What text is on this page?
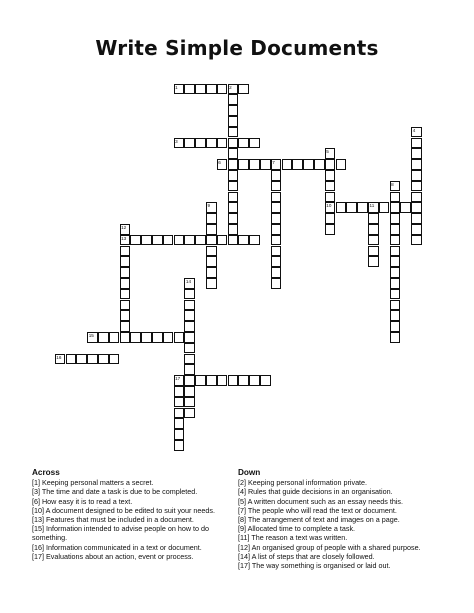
Write Simple Documents
1	2
3
6	7
10	11
13
15
16
17
4
5
8
9
12
14
Across
[1] Keeping personal matters a secret.
[3] The time and date a task is due to be completed.
[6] How easy it is to read a text.
[10] A document designed to be edited to suit your needs.
[13] Features that must be included in a document.
[15] Information intended to advise people on how to do something.
[16] Information communicated in a text or document.
[17] Evaluations about an action, event or process.
Down
[2] Keeping personal information private.
[4] Rules that guide decisions in an organisation.
[5] A written document such as an essay needs this.
[7] The people who will read the text or document.
[8] The arrangement of text and images on a page.
[9] Allocated time to complete a task.
[11] The reason a text was written.
[12] An organised group of people with a shared purpose.
[14] A list of steps that are closely followed.
[17] The way something is organised or laid out.
